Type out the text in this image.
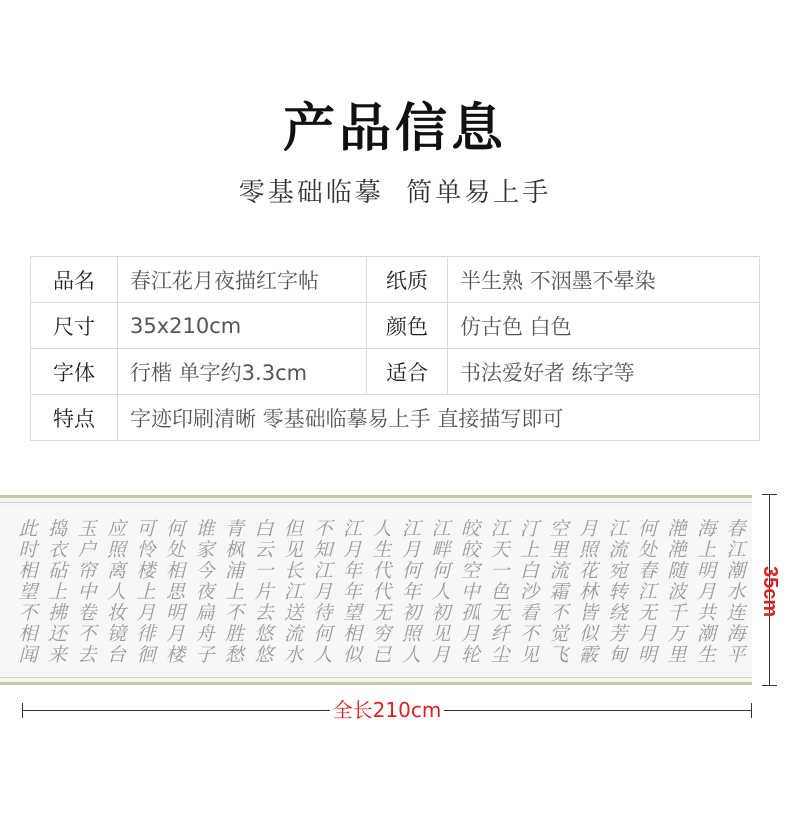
产品信息
零基础临摹  简单易上手
品名	春江花月夜描红字帖	纸质	半生熟 不洇墨不晕染
尺寸	35x210cm	颜色	仿古色 白色
字体	行楷 单字约3.3cm	适合	书法爱好者 练字等
特点	字迹印刷清晰 零基础临摹易上手 直接描写即可		
春
江
潮
水
连
海
平
海
上
明
月
共
潮
生
滟
滟
随
波
千
万
里
何
处
春
江
无
月
明
江
流
宛
转
绕
芳
甸
月
照
花
林
皆
似
霰
空
里
流
霜
不
觉
飞
汀
上
白
沙
看
不
见
江
天
一
色
无
纤
尘
皎
皎
空
中
孤
月
轮
江
畔
何
人
初
见
月
江
月
何
年
初
照
人
人
生
代
代
无
穷
已
江
月
年
年
望
相
似
不
知
江
月
待
何
人
但
见
长
江
送
流
水
白
云
一
片
去
悠
悠
青
枫
浦
上
不
胜
愁
谁
家
今
夜
扁
舟
子
何
处
相
思
明
月
楼
可
怜
楼
上
月
徘
徊
应
照
离
人
妆
镜
台
玉
户
帘
中
卷
不
去
捣
衣
砧
上
拂
还
来
此
时
相
望
不
相
闻
35cm
全长210cm
